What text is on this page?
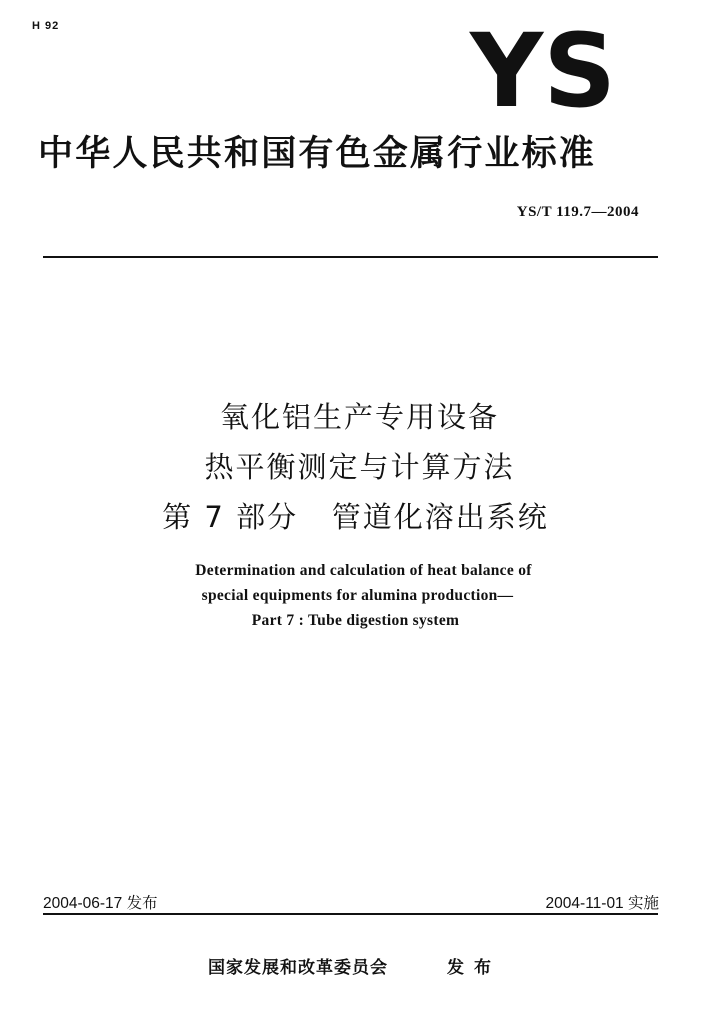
H 92	YS
中华人民共和国有色金属行业标准
YS/T 119.7—2004
氧化铝生产专用设备
热平衡测定与计算方法
第 7 部分   管道化溶出系统
Determination and calculation of heat balance of
special equipments for alumina production—
Part 7 : Tube digestion system
2004-06-17 发布	2004-11-01 实施
国家发展和改革委员会	发布
